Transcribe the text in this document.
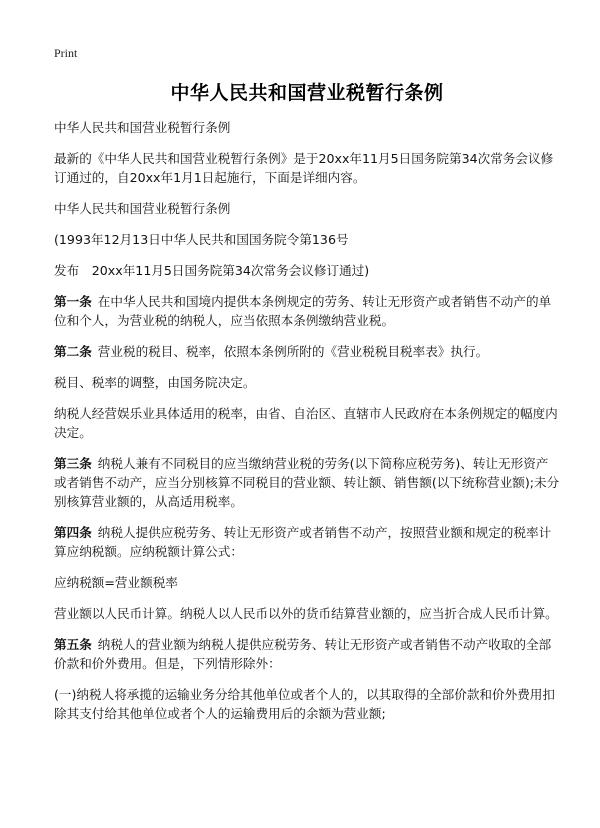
Print

中华人民共和国营业税暂行条例

中华人民共和国营业税暂行条例

最新的《中华人民共和国营业税暂行条例》是于20xx年11月5日国务院第34次常务会议修订通过的，自20xx年1月1日起施行，下面是详细内容。

中华人民共和国营业税暂行条例

(1993年12月13日中华人民共和国国务院令第136号

发布　20xx年11月5日国务院第34次常务会议修订通过)

第一条 在中华人民共和国境内提供本条例规定的劳务、转让无形资产或者销售不动产的单位和个人，为营业税的纳税人，应当依照本条例缴纳营业税。

第二条 营业税的税目、税率，依照本条例所附的《营业税税目税率表》执行。

税目、税率的调整，由国务院决定。

纳税人经营娱乐业具体适用的税率，由省、自治区、直辖市人民政府在本条例规定的幅度内决定。

第三条 纳税人兼有不同税目的应当缴纳营业税的劳务(以下简称应税劳务)、转让无形资产或者销售不动产，应当分别核算不同税目的营业额、转让额、销售额(以下统称营业额);未分别核算营业额的，从高适用税率。

第四条 纳税人提供应税劳务、转让无形资产或者销售不动产，按照营业额和规定的税率计算应纳税额。应纳税额计算公式：

应纳税额=营业额税率

营业额以人民币计算。纳税人以人民币以外的货币结算营业额的，应当折合成人民币计算。

第五条 纳税人的营业额为纳税人提供应税劳务、转让无形资产或者销售不动产收取的全部价款和价外费用。但是，下列情形除外：

(一)纳税人将承揽的运输业务分给其他单位或者个人的，以其取得的全部价款和价外费用扣除其支付给其他单位或者个人的运输费用后的余额为营业额;
